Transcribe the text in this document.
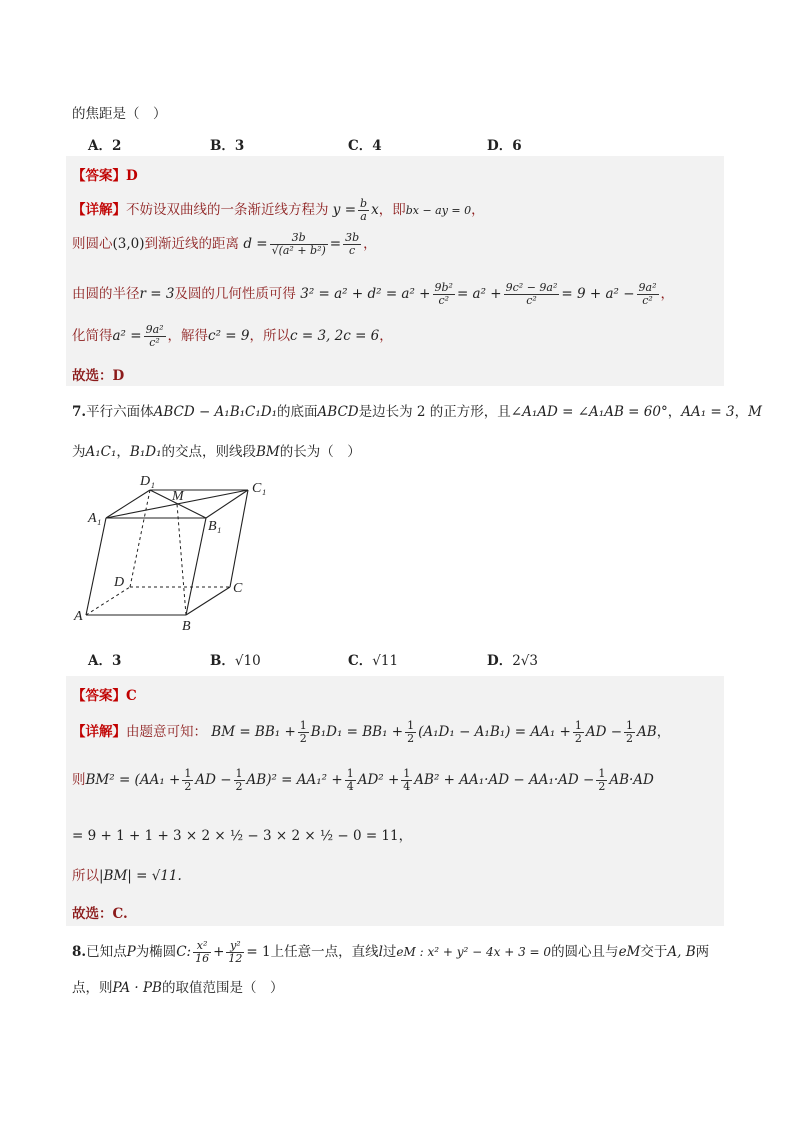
的焦距是（　）
A．2	B．3	C．4	D．6
【答案】D
【详解】不妨设双曲线的一条渐近线方程为 $y = \frac{b}{a}$ x，即bx − ay = 0，
则圆心(3,0)到渐近线的距离 $d = \frac{3b}{\text{√(a² + b²)}} = \frac{3b}{c}$ ，
由圆的半径r = 3及圆的几何性质可得 $3^2 = a^2 + d^2 = a^2 + \frac{\text{9b²}}{\text{c²}} = a^2 + \frac{\text{9c² − 9a²}}{\text{c²}} = 9 + a^2 - \frac{\text{9a²}}{\text{c²}}$ ，
化简得$a^2 = \frac{\text{9a²}}{\text{c²}}$ ，解得c² = 9，所以c = 3, 2c = 6，
故选：D
7.平行六面体ABCD − A₁B₁C₁D₁的底面ABCD是边长为 2 的正方形，且∠A₁AD = ∠A₁AB = 60°，AA₁ = 3，M
为A₁C₁，B₁D₁的交点，则线段BM的长为（　）
D₁
M
C₁
A₁
B₁
D	C
A
B
A．3	B．√10	C．√11	D．2√3
【答案】C
【详解】由题意可知： BM = $BB_1 + \frac{1}{2} B_1D_1 = BB_1 + \frac{1}{2} (A_1D_1 - A_1B_1) = AA_1 + \frac{1}{2}$ AD − $\frac{1}{2}$ AB，
则$BM^2 = (AA_1 + \frac{1}{2}$ AD − $\frac{1}{2} AB)^2 = AA_1^2 + \frac{1}{4} AD^2 + \frac{1}{4} AB^2 + AA_1\cdot AD - AA_1\cdot AD - \frac{1}{2} AB\cdot AD$
= 9 + 1 + 1 + 3 × 2 × ½ − 3 × 2 × ½ − 0 = 11，
所以|BM| = √11.
故选：C.
8.已知点P为椭圆C: $\frac{\text{x²}}{16} + \frac{\text{y²}}{12} = 1$上任意一点，直线l过eM : x² + y² − 4x + 3 = 0的圆心且与eM交于A, B两
点，则PA · PB的取值范围是（　）
